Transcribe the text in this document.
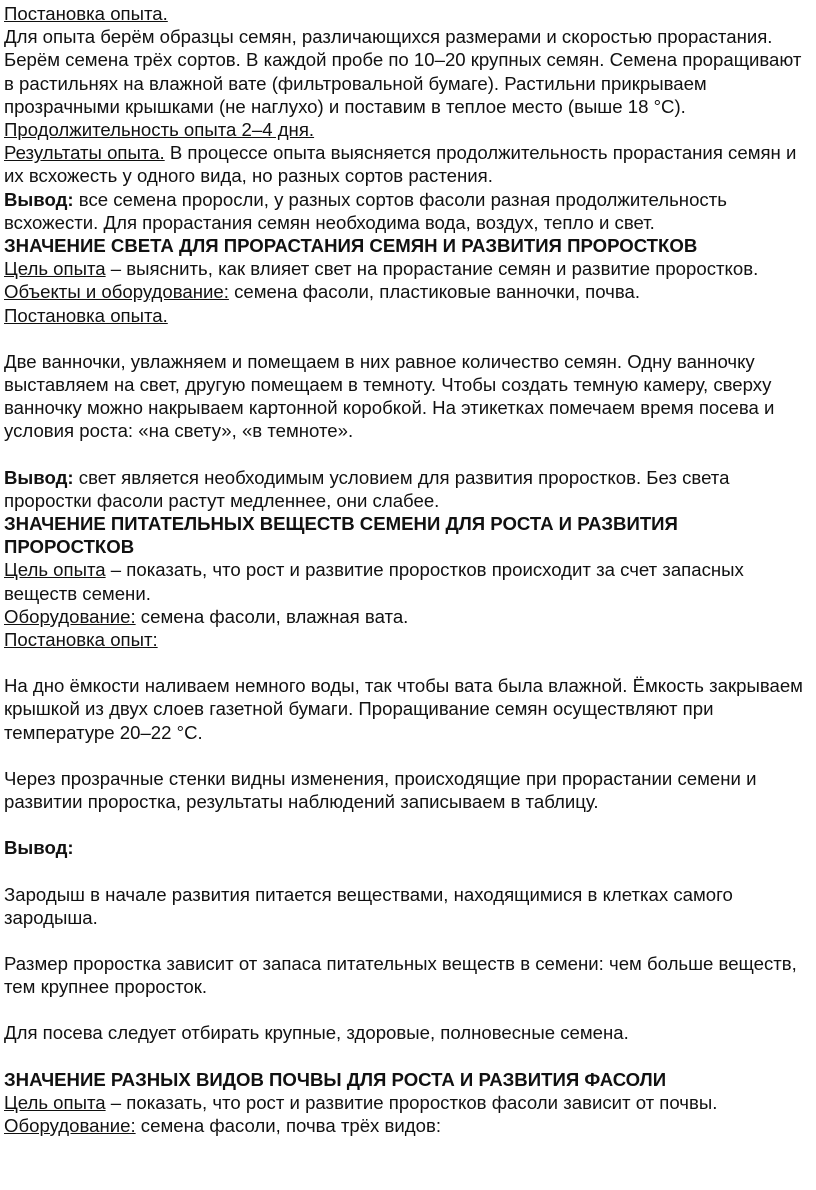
Постановка опыта.

Для опыта берём образцы семян, различающихся размерами и скоростью прорастания. Берём семена трёх сортов. В каждой пробе по 10–20 крупных семян. Семена проращивают в растильнях на влажной вате (фильтровальной бумаге). Растильни прикрываем прозрачными крышками (не наглухо) и поставим в теплое место (выше 18 °С). Продолжительность опыта 2–4 дня.

Результаты опыта. В процессе опыта выясняется продолжительность прорастания семян и их всхожесть у одного вида, но разных сортов растения.

Вывод: все семена проросли, у разных сортов фасоли разная продолжительность всхожести. Для прорастания семян необходима вода, воздух, тепло и свет.

ЗНАЧЕНИЕ СВЕТА ДЛЯ ПРОРАСТАНИЯ СЕМЯН И РАЗВИТИЯ ПРОРОСТКОВ

Цель опыта – выяснить, как влияет свет на прорастание семян и развитие проростков.

Объекты и оборудование: семена фасоли, пластиковые ванночки, почва.

Постановка опыта.

Две ванночки, увлажняем и помещаем в них равное количество семян. Одну ванночку выставляем на свет, другую помещаем в темноту. Чтобы создать темную камеру, сверху ванночку можно накрываем картонной коробкой. На этикетках помечаем время посева и условия роста: «на свету», «в темноте».

Вывод: свет является необходимым условием для развития проростков. Без света проростки фасоли растут медленнее, они слабее.

ЗНАЧЕНИЕ ПИТАТЕЛЬНЫХ ВЕЩЕСТВ СЕМЕНИ ДЛЯ РОСТА И РАЗВИТИЯ ПРОРОСТКОВ

Цель опыта – показать, что рост и развитие проростков происходит за счет запасных веществ семени.

Оборудование: семена фасоли, влажная вата.

Постановка опыт:

На дно ёмкости наливаем немного воды, так чтобы вата была влажной. Ёмкость закрываем крышкой из двух слоев газетной бумаги. Проращивание семян осуществляют при температуре 20–22 °С.

Через прозрачные стенки видны изменения, происходящие при прорастании семени и развитии проростка, результаты наблюдений записываем в таблицу.

Вывод:

Зародыш в начале развития питается веществами, находящимися в клетках самого зародыша.

Размер проростка зависит от запаса питательных веществ в семени: чем больше веществ, тем крупнее проросток.

Для посева следует отбирать крупные, здоровые, полновесные семена.

ЗНАЧЕНИЕ РАЗНЫХ ВИДОВ ПОЧВЫ ДЛЯ РОСТА И РАЗВИТИЯ ФАСОЛИ

Цель опыта – показать, что рост и развитие проростков фасоли зависит от почвы.

Оборудование: семена фасоли, почва трёх видов:
